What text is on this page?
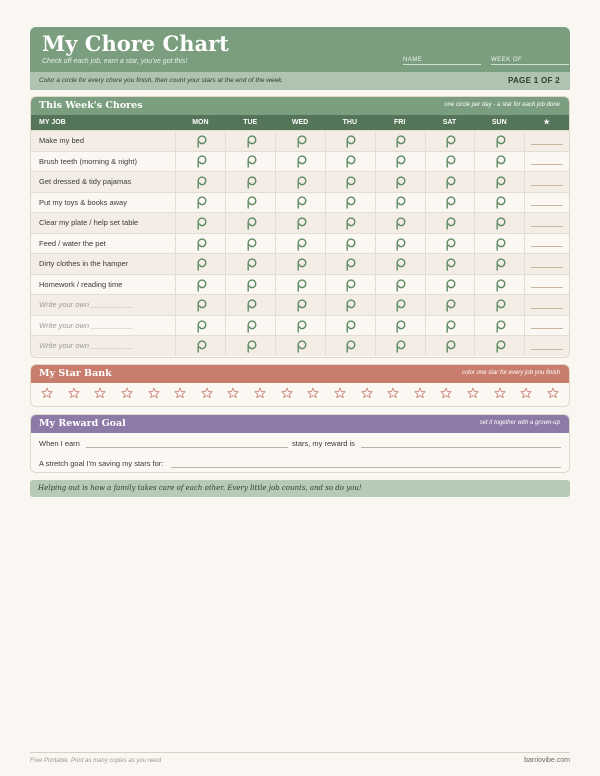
My Chore Chart
Check off each job, earn a star, you've got this!	NAME	WEEK OF
Color a circle for every chore you finish, then count your stars at the end of the week.	PAGE 1 OF 2
This Week's Chores	one circle per day - a star for each job done
MY JOB	MON	TUE	WED	THU	FRI	SAT	SUN	★
Make my bed
Brush teeth (morning & night)
Get dressed & tidy pajamas
Put my toys & books away
Clear my plate / help set table
Feed / water the pet
Dirty clothes in the hamper
Homework / reading time
Write your own __________
Write your own __________
Write your own __________
My Star Bank	color one star for every job you finish
My Reward Goal	set it together with a grown-up
When I earn	stars, my reward is
A stretch goal I'm saving my stars for:
Helping out is how a family takes care of each other. Every little job counts, and so do you!
Free Printable. Print as many copies as you need	barriovibe.com
